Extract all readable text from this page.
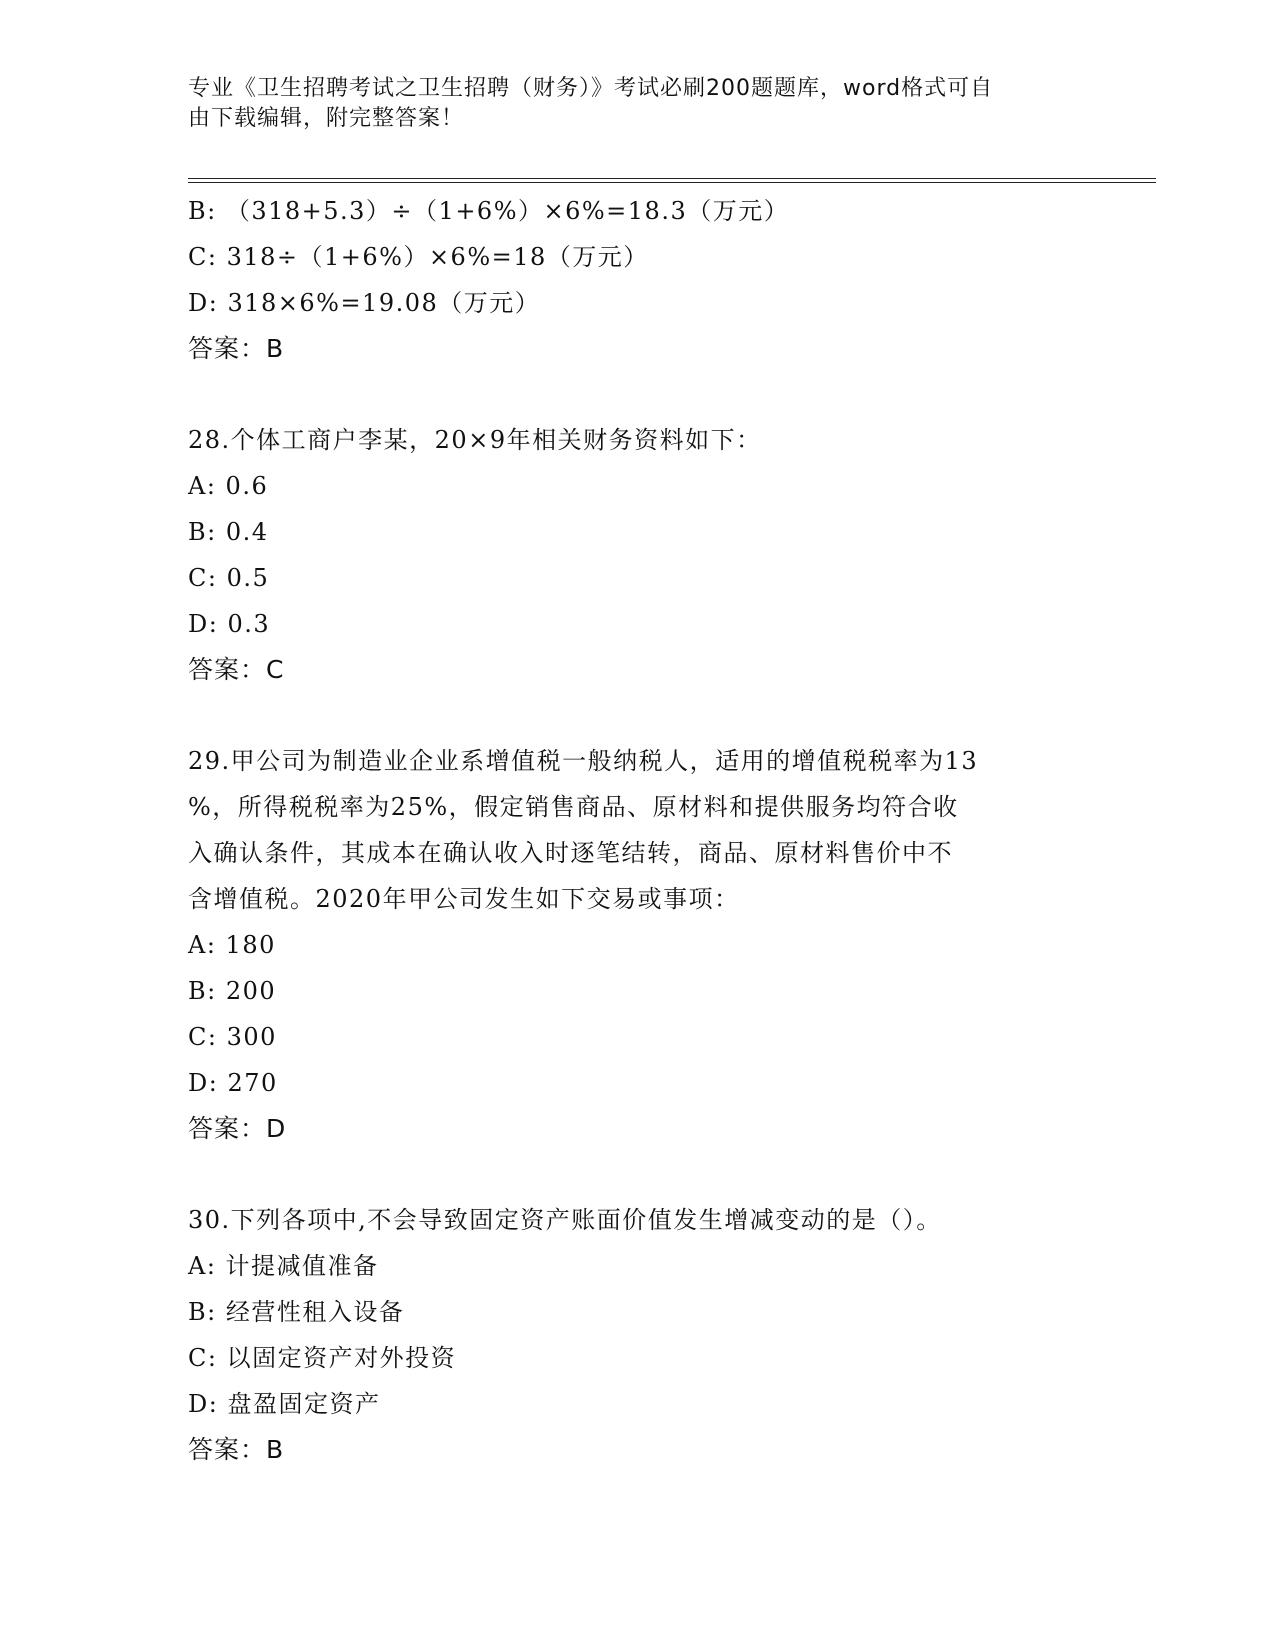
专业《卫生招聘考试之卫生招聘（财务）》考试必刷200题题库，word格式可自
由下载编辑，附完整答案！
B: （318+5.3）÷（1+6%）×6%=18.3（万元）
C: 318÷（1+6%）×6%=18（万元）
D: 318×6%=19.08（万元）
答案：B
28.个体工商户李某，20×9年相关财务资料如下：
A: 0.6
B: 0.4
C: 0.5
D: 0.3
答案：C
29.甲公司为制造业企业系增值税一般纳税人，适用的增值税税率为13
%，所得税税率为25%，假定销售商品、原材料和提供服务均符合收
入确认条件，其成本在确认收入时逐笔结转，商品、原材料售价中不
含增值税。2020年甲公司发生如下交易或事项：
A: 180
B: 200
C: 300
D: 270
答案：D
30.下列各项中,不会导致固定资产账面价值发生增减变动的是（）。
A: 计提减值准备
B: 经营性租入设备
C: 以固定资产对外投资
D: 盘盈固定资产
答案：B
